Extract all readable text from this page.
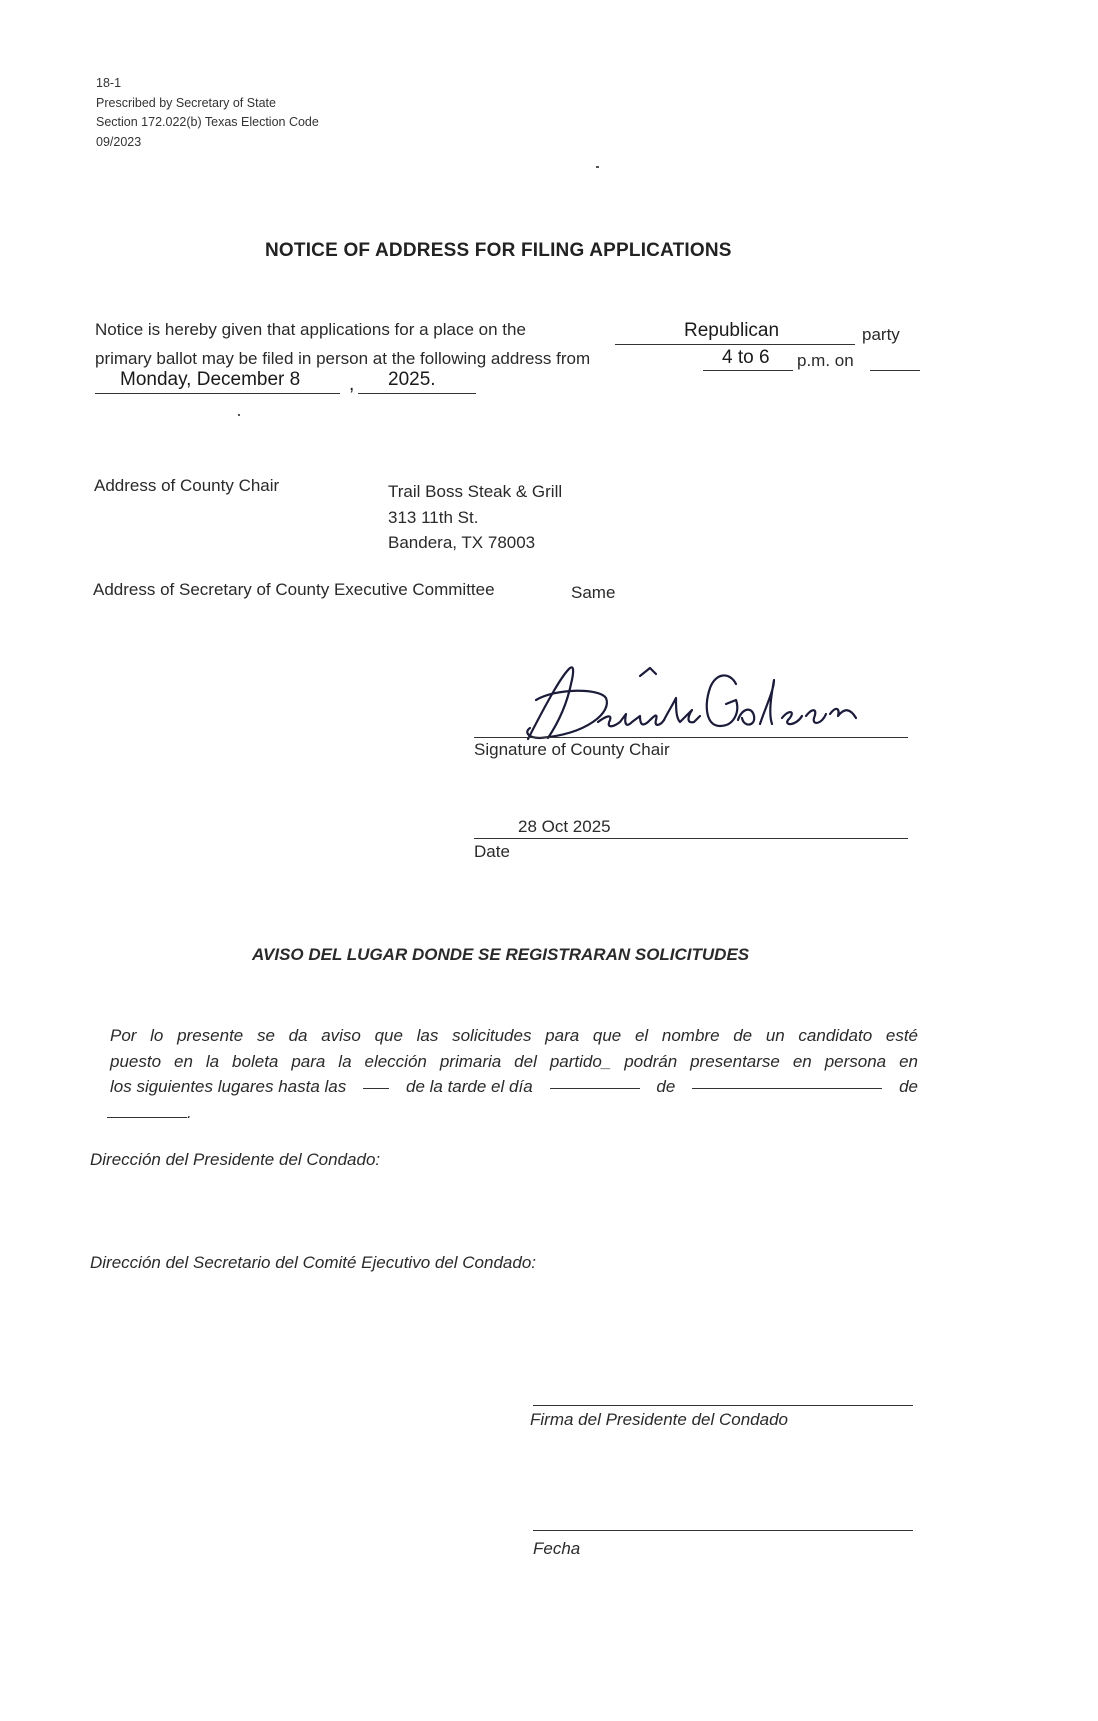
18-1
Prescribed by Secretary of State
Section 172.022(b) Texas Election Code
09/2023
NOTICE OF ADDRESS FOR FILING APPLICATIONS
Notice is hereby given that applications for a place on the	Republican	party
primary ballot may be filed in person at the following address from	4 to 6 p.m. on
Monday, December 8	, 2025.
Address of County Chair	Trail Boss Steak & Grill
313 11th St.
Bandera, TX 78003
Address of Secretary of County Executive Committee	Same
Signature of County Chair
28 Oct 2025
Date
AVISO DEL LUGAR DONDE SE REGISTRARAN SOLICITUDES
Por lo presente se da aviso que las solicitudes para que el nombre de un candidato esté
puesto en la boleta para la elección primaria del partido_ podrán presentarse en persona en
los siguientes lugares hasta las	de la tarde el día	de	de
.
Dirección del Presidente del Condado:
Dirección del Secretario del Comité Ejecutivo del Condado:
Firma del Presidente del Condado
Fecha
